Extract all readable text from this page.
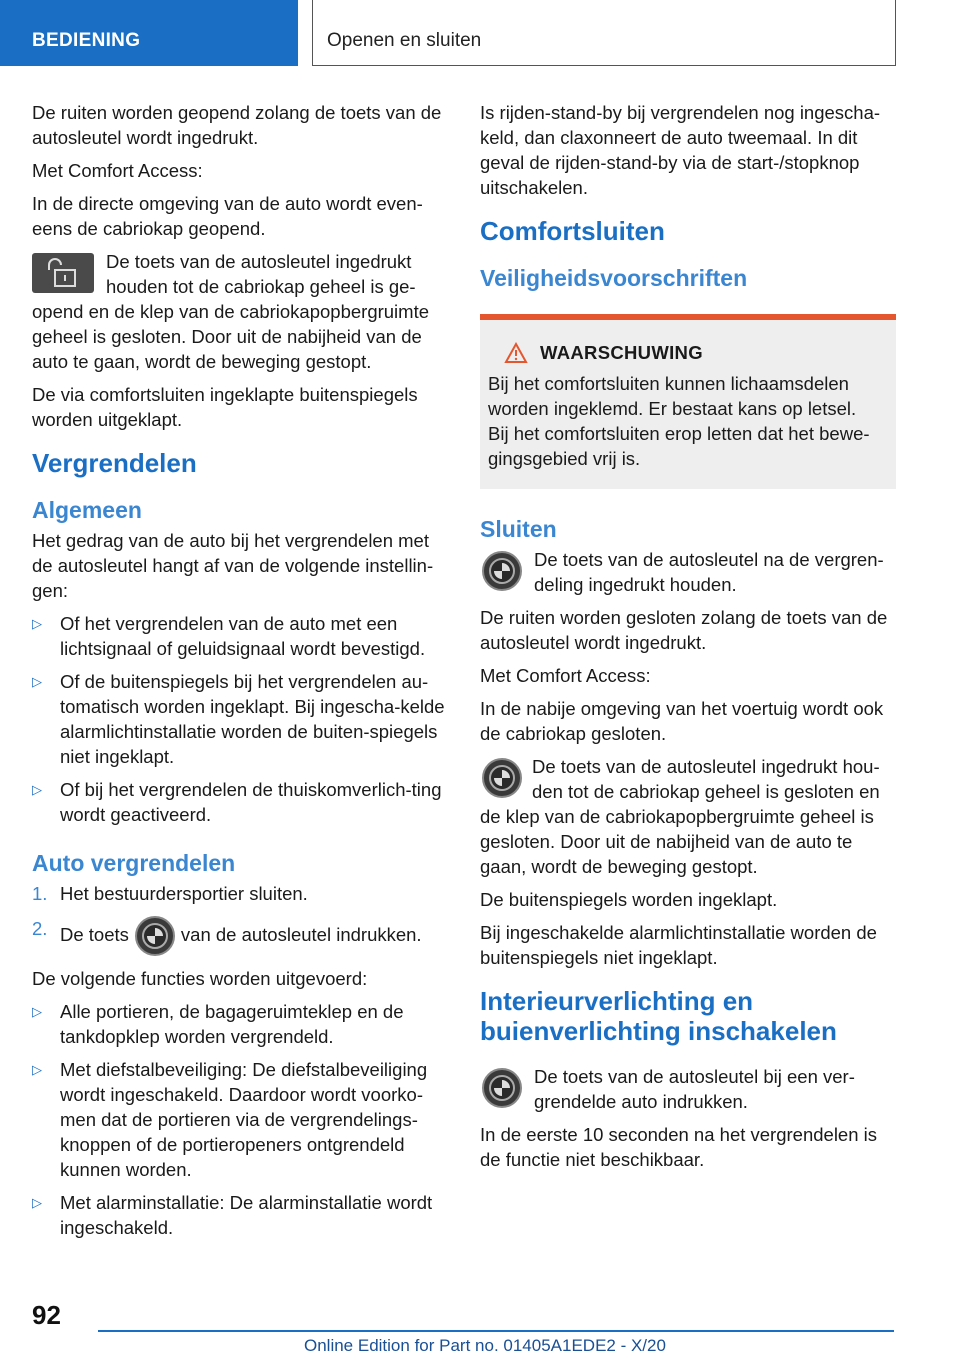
BEDIENING	Openen en sluiten

De ruiten worden geopend zolang de toets van de autosleutel wordt ingedrukt.

Met Comfort Access:

In de directe omgeving van de auto wordt even-eens de cabriokap geopend.

De toets van de autosleutel ingedrukt houden tot de cabriokap geheel is ge-opend en de klep van de cabriokapopbergruimte geheel is gesloten. Door uit de nabijheid van de auto te gaan, wordt de beweging gestopt.

De via comfortsluiten ingeklapte buitenspiegels worden uitgeklapt.

Vergrendelen
Algemeen

Het gedrag van de auto bij het vergrendelen met de autosleutel hangt af van de volgende instellin-gen:

▷ Of het vergrendelen van de auto met een lichtsignaal of geluidsignaal wordt bevestigd.
▷ Of de buitenspiegels bij het vergrendelen au-tomatisch worden ingeklapt. Bij ingescha-kelde alarmlichtinstallatie worden de buiten-spiegels niet ingeklapt.
▷ Of bij het vergrendelen de thuiskomverlich-ting wordt geactiveerd.
Auto vergrendelen
1. Het bestuurdersportier sluiten.
2. De toets	van de autosleutel indrukken.

De volgende functies worden uitgevoerd:

▷ Alle portieren, de bagageruimteklep en de tankdopklep worden vergrendeld.
▷ Met diefstalbeveiliging: De diefstalbeveiliging wordt ingeschakeld. Daardoor wordt voorko-men dat de portieren via de vergrendelings-knoppen of de portieropeners ontgrendeld kunnen worden.
▷ Met alarminstallatie: De alarminstallatie wordt ingeschakeld.

Is rijden-stand-by bij vergrendelen nog ingescha-keld, dan claxonneert de auto tweemaal. In dit geval de rijden-stand-by via de start-/stopknop uitschakelen.

Comfortsluiten
Veiligheidsvoorschriften
WAARSCHUWING

Bij het comfortsluiten kunnen lichaamsdelen worden ingeklemd. Er bestaat kans op letsel.

Bij het comfortsluiten erop letten dat het bewe-gingsgebied vrij is.

Sluiten
De toets van de autosleutel na de vergren-deling ingedrukt houden.

De ruiten worden gesloten zolang de toets van de autosleutel wordt ingedrukt.

Met Comfort Access:

In de nabije omgeving van het voertuig wordt ook de cabriokap gesloten.

De toets van de autosleutel ingedrukt hou-den tot de cabriokap geheel is gesloten en de klep van de cabriokapopbergruimte geheel is gesloten. Door uit de nabijheid van de auto te gaan, wordt de beweging gestopt.

De buitenspiegels worden ingeklapt.

Bij ingeschakelde alarmlichtinstallatie worden de buitenspiegels niet ingeklapt.

Interieurverlichting en buienverlichting inschakelen
De toets van de autosleutel bij een ver-grendelde auto indrukken.

In de eerste 10 seconden na het vergrendelen is de functie niet beschikbaar.

92
Online Edition for Part no. 01405A1EDE2 - X/20
